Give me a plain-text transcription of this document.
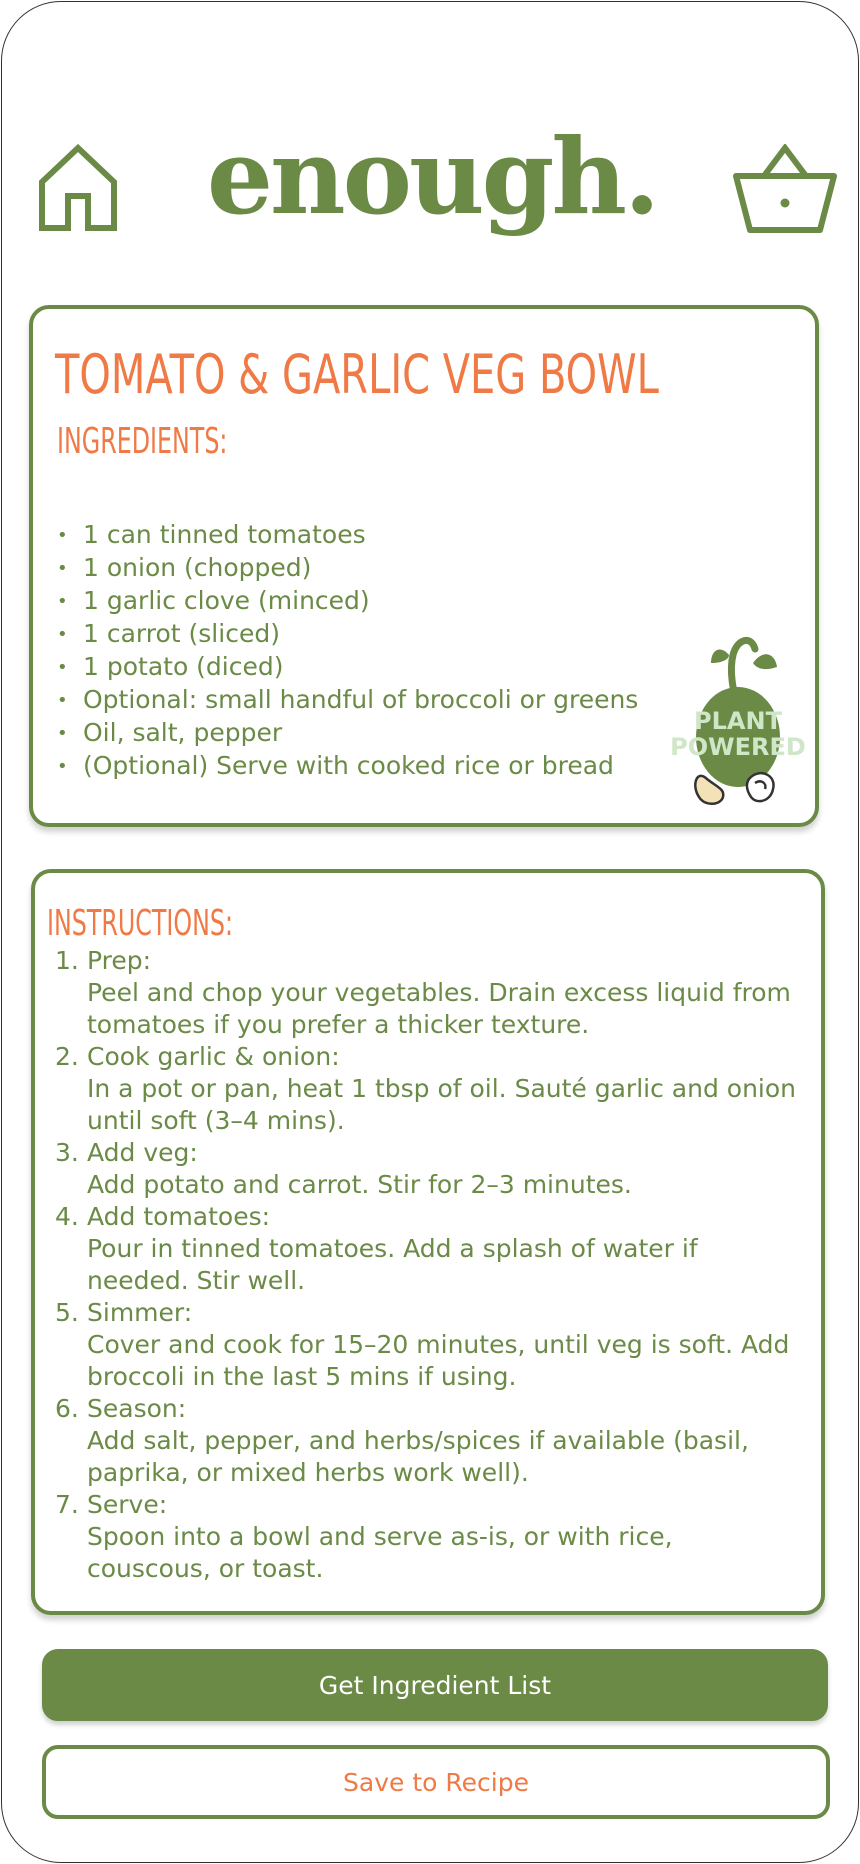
enough.
TOMATO & GARLIC VEG BOWL
INGREDIENTS:
• 1 can tinned tomatoes
• 1 onion (chopped)
• 1 garlic clove (minced)
• 1 carrot (sliced)
• 1 potato (diced)
• Optional: small handful of broccoli or greens
• Oil, salt, pepper
• (Optional) Serve with cooked rice or bread
PLANT
POWERED
INSTRUCTIONS:
1. Prep:
Peel and chop your vegetables. Drain excess liquid from tomatoes if you prefer a thicker texture.
2. Cook garlic & onion:
In a pot or pan, heat 1 tbsp of oil. Sauté garlic and onion until soft (3–4 mins).
3. Add veg:
Add potato and carrot. Stir for 2–3 minutes.
4. Add tomatoes:
Pour in tinned tomatoes. Add a splash of water if needed. Stir well.
5. Simmer:
Cover and cook for 15–20 minutes, until veg is soft. Add broccoli in the last 5 mins if using.
6. Season:
Add salt, pepper, and herbs/spices if available (basil, paprika, or mixed herbs work well).
7. Serve:
Spoon into a bowl and serve as-is, or with rice, couscous, or toast.
Get Ingredient List
Save to Recipe
